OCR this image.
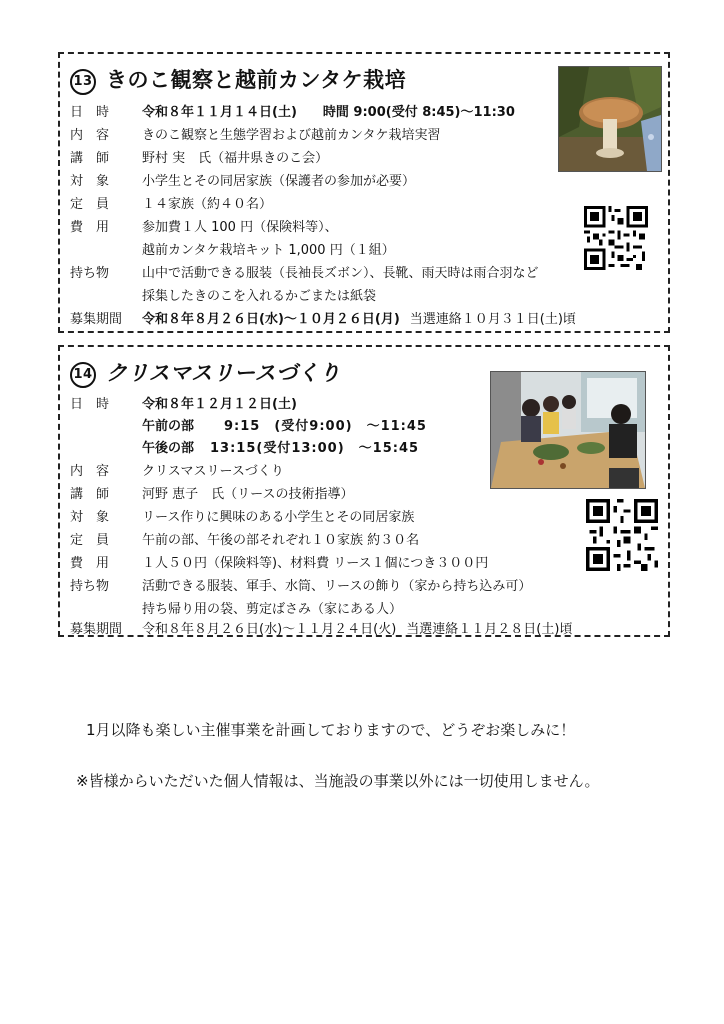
13 きのこ観察と越前カンタケ栽培
日　時	令和８年１１月１４日(土) 時間 9:00(受付 8:45)～11:30
内　容	きのこ観察と生態学習および越前カンタケ栽培実習
講　師	野村 実　氏（福井県きのこ会）
対　象	小学生とその同居家族（保護者の参加が必要）
定　員	１４家族（約４０名）
費　用	参加費１人 100 円（保険料等）、
越前カンタケ栽培キット 1,000 円（１組）
持ち物	山中で活動できる服装（長袖長ズボン）、長靴、雨天時は雨合羽など
採集したきのこを入れるかごまたは紙袋
募集期間 令和８年８月２６日(水)～１０月２６日(月) 当選連絡１０月３１日(土)頃
14 クリスマスリースづくり
日　時	令和８年１２月１２日(土)
午前の部 9:15　(受付9:00)　～11:45
午後の部 13:15(受付13:00)　～15:45
内　容	クリスマスリースづくり
講　師	河野 恵子　氏（リースの技術指導）
対　象	リース作りに興味のある小学生とその同居家族
定　員	午前の部、午後の部それぞれ１０家族 約３０名
費　用	１人５０円（保険料等)、材料費 リース１個につき３００円
持ち物	活動できる服装、軍手、水筒、リースの飾り（家から持ち込み可）
持ち帰り用の袋、剪定ばさみ（家にある人）
募集期間 令和８年８月２６日(水)～１１月２４日(火) 当選連絡１１月２８日(土)頃
1月以降も楽しい主催事業を計画しておりますので、どうぞお楽しみに！
※皆様からいただいた個人情報は、当施設の事業以外には一切使用しません。
